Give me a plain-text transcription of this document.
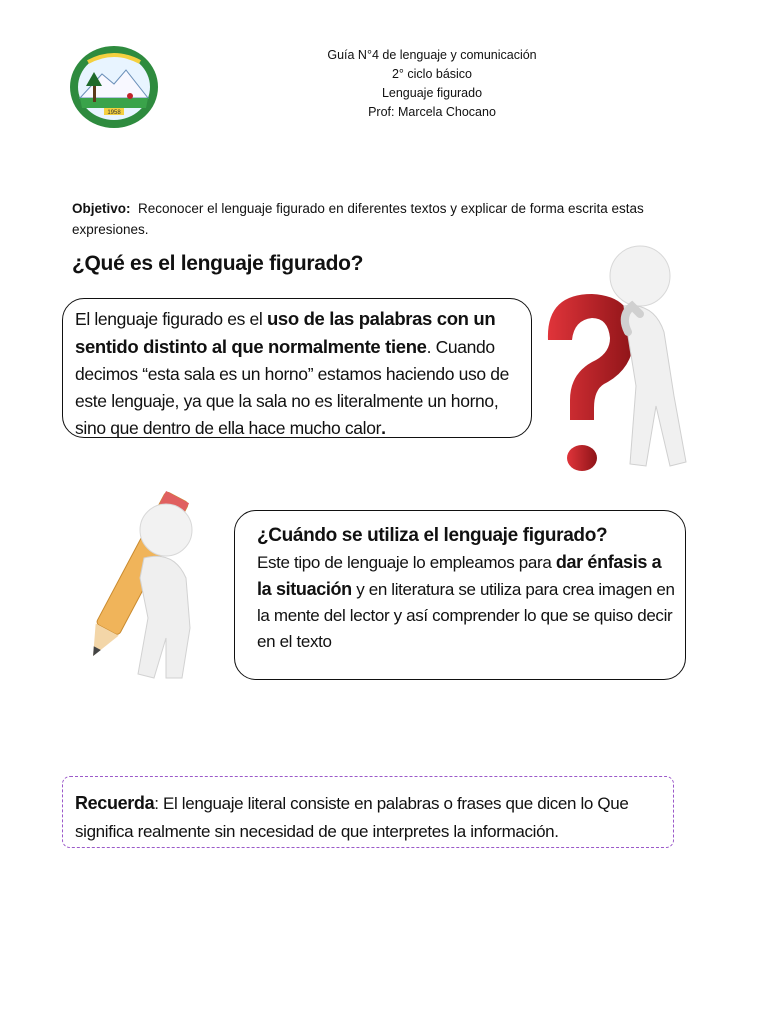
1958
Guía N°4 de lenguaje y comunicación
2° ciclo básico
Lenguaje figurado
Prof: Marcela Chocano
Objetivo: Reconocer el lenguaje figurado en diferentes textos y explicar de forma escrita estas expresiones.
¿Qué es el lenguaje figurado?
El lenguaje figurado es el uso de las palabras con un sentido distinto al que normalmente tiene. Cuando decimos “esta sala es un horno” estamos haciendo uso de este lenguaje, ya que la sala no es literalmente un horno, sino que dentro de ella hace mucho calor.
¿Cuándo se utiliza el lenguaje figurado?
Este tipo de lenguaje lo empleamos para dar énfasis a la situación y en literatura se utiliza para crea imagen en la mente del lector y así comprender lo que se quiso decir en el texto
Recuerda: El lenguaje literal consiste en palabras o frases que dicen lo Que significa realmente sin necesidad de que interpretes la información.
